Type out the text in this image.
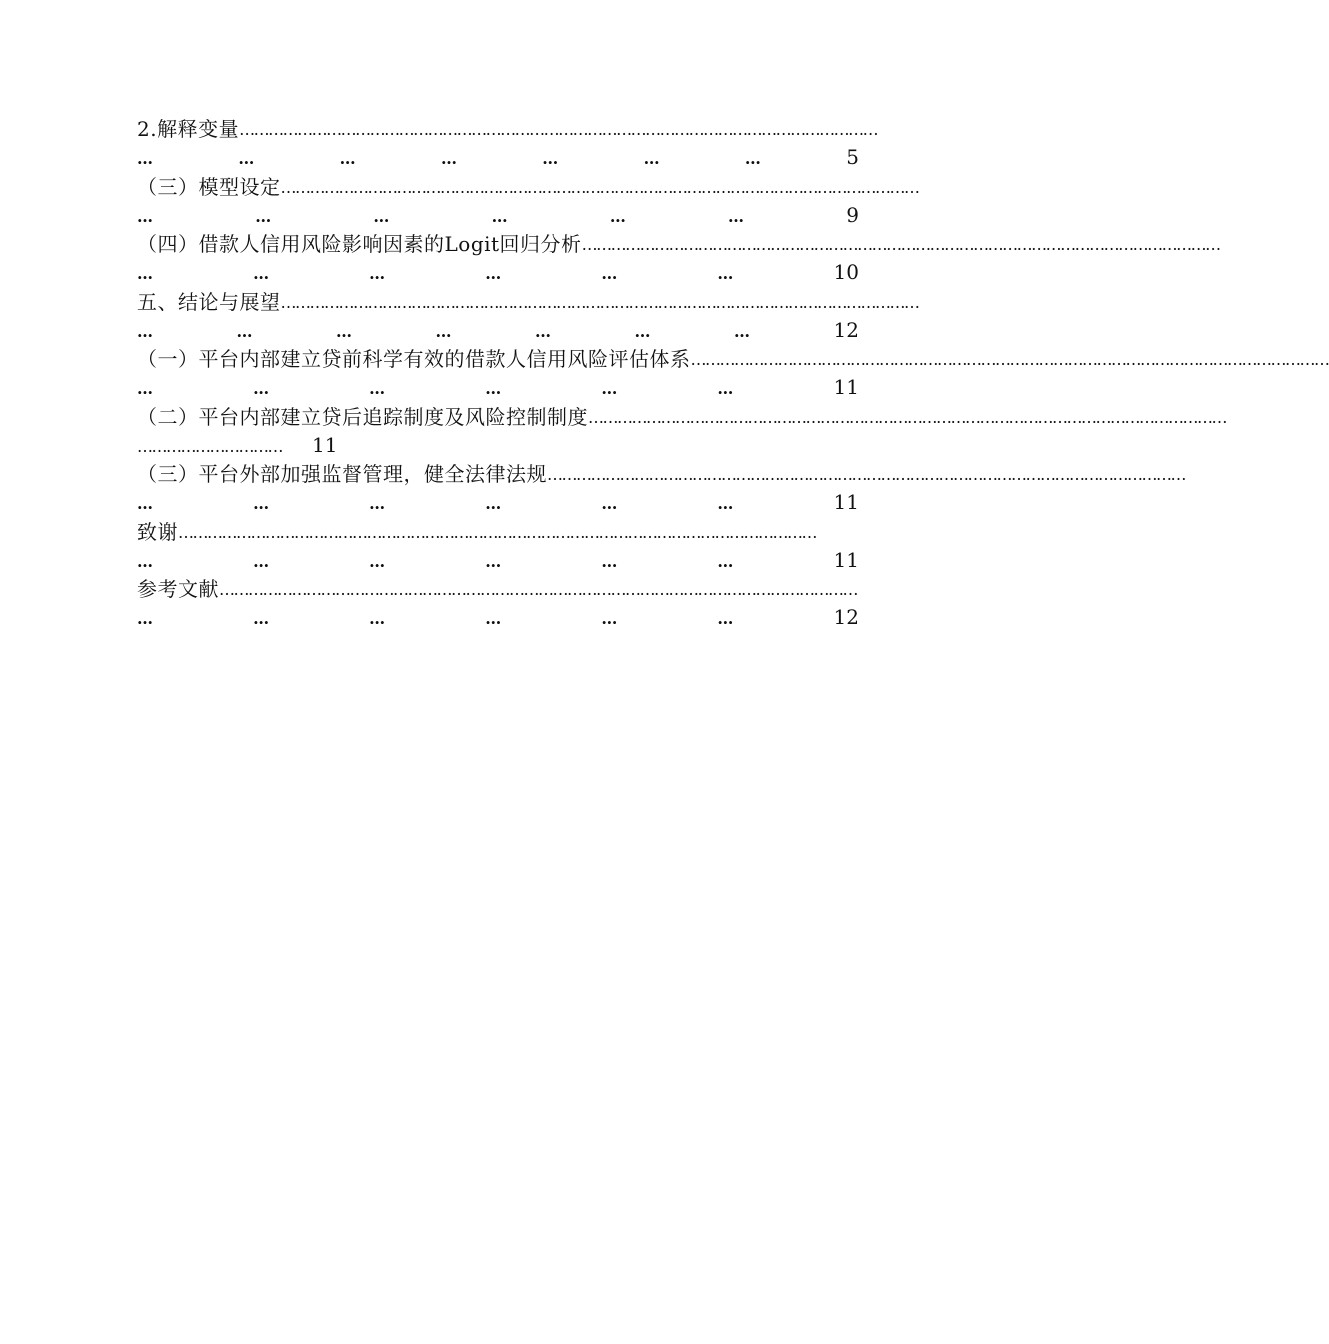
2.解释变量 ……………………………………………………………………………………………………………………
…	…	…	…	…	…	…	5
（三）模型设定 ……………………………………………………………………………………………………………………
…	…	…	…	…	…	9
（四）借款人信用风险影响因素的Logit回归分析 ……………………………………………………………………………………………………………………
…	…	…	…	…	…	10
五、结论与展望 ……………………………………………………………………………………………………………………
…	…	…	…	…	…	…	12
（一）平台内部建立贷前科学有效的借款人信用风险评估体系 ……………………………………………………………………………………………………………………
…	…	…	…	…	…	11
（二）平台内部建立贷后追踪制度及风险控制制度 ……………………………………………………………………………………………………………………
………………………… 11
（三）平台外部加强监督管理，健全法律法规 ……………………………………………………………………………………………………………………
…	…	…	…	…	…	11
致谢 ……………………………………………………………………………………………………………………
…	…	…	…	…	…	11
参考文献 ……………………………………………………………………………………………………………………
…	…	…	…	…	…	12
